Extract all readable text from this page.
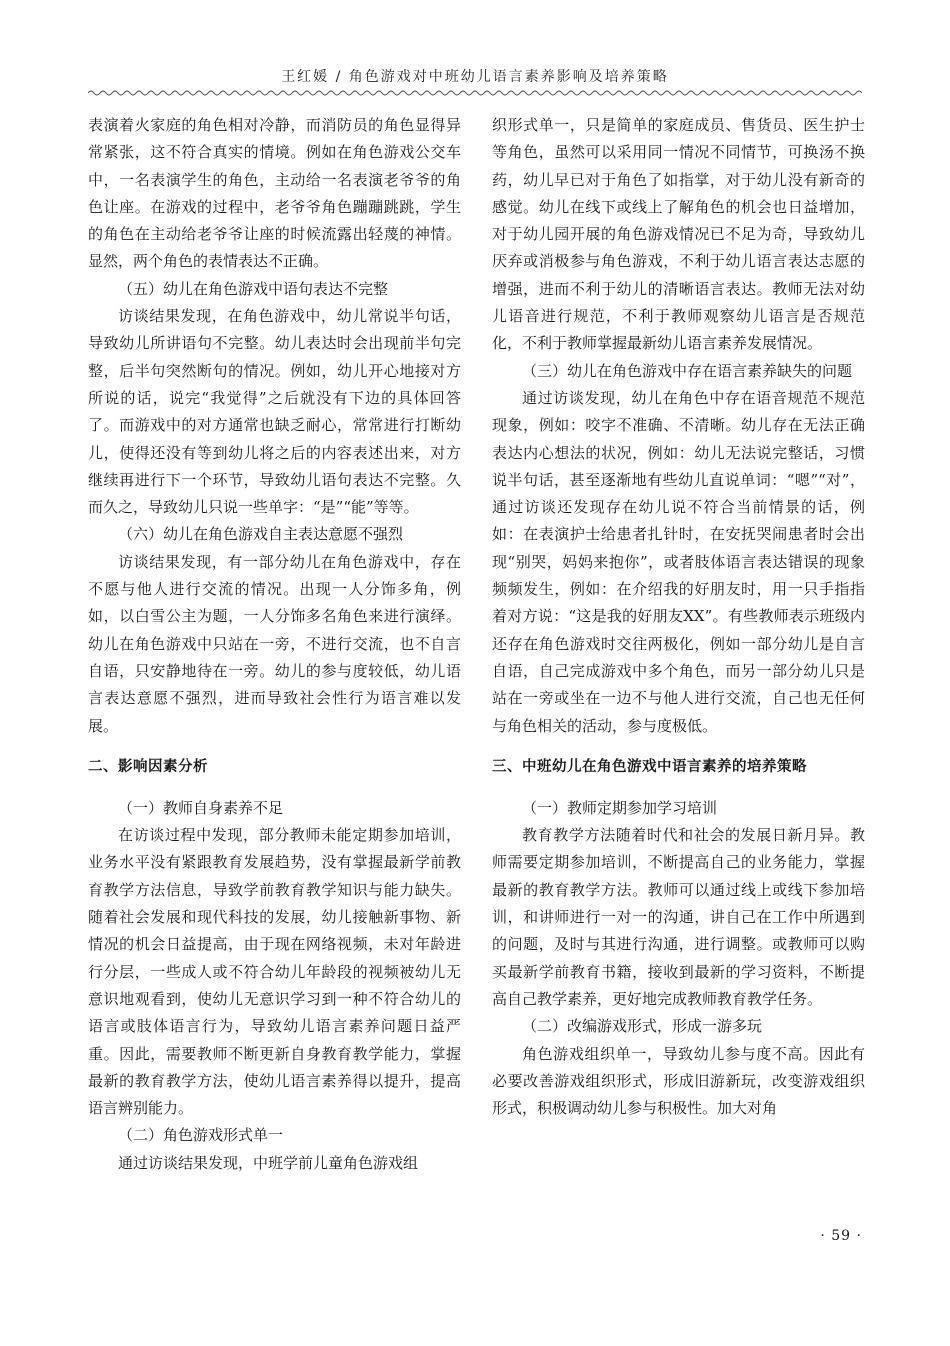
王红媛 / 角色游戏对中班幼儿语言素养影响及培养策略

表演着火家庭的角色相对冷静，而消防员的角色显得异常紧张，这不符合真实的情境。例如在角色游戏公交车中，一名表演学生的角色，主动给一名表演老爷爷的角色让座。在游戏的过程中，老爷爷角色蹦蹦跳跳，学生的角色在主动给老爷爷让座的时候流露出轻蔑的神情。显然，两个角色的表情表达不正确。

（五）幼儿在角色游戏中语句表达不完整

访谈结果发现，在角色游戏中，幼儿常说半句话，导致幼儿所讲语句不完整。幼儿表达时会出现前半句完整，后半句突然断句的情况。例如，幼儿开心地接对方所说的话，说完“我觉得”之后就没有下边的具体回答了。而游戏中的对方通常也缺乏耐心，常常进行打断幼儿，使得还没有等到幼儿将之后的内容表述出来，对方继续再进行下一个环节，导致幼儿语句表达不完整。久而久之，导致幼儿只说一些单字：“是”“能”等等。

（六）幼儿在角色游戏自主表达意愿不强烈

访谈结果发现，有一部分幼儿在角色游戏中，存在不愿与他人进行交流的情况。出现一人分饰多角，例如，以白雪公主为题，一人分饰多名角色来进行演绎。幼儿在角色游戏中只站在一旁，不进行交流，也不自言自语，只安静地待在一旁。幼儿的参与度较低，幼儿语言表达意愿不强烈，进而导致社会性行为语言难以发展。

二、影响因素分析

（一）教师自身素养不足

在访谈过程中发现，部分教师未能定期参加培训，业务水平没有紧跟教育发展趋势，没有掌握最新学前教育教学方法信息，导致学前教育教学知识与能力缺失。随着社会发展和现代科技的发展，幼儿接触新事物、新情况的机会日益提高，由于现在网络视频，未对年龄进行分层，一些成人或不符合幼儿年龄段的视频被幼儿无意识地观看到，使幼儿无意识学习到一种不符合幼儿的语言或肢体语言行为，导致幼儿语言素养问题日益严重。因此，需要教师不断更新自身教育教学能力，掌握最新的教育教学方法，使幼儿语言素养得以提升，提高语言辨别能力。

（二）角色游戏形式单一

通过访谈结果发现，中班学前儿童角色游戏组

织形式单一，只是简单的家庭成员、售货员、医生护士等角色，虽然可以采用同一情况不同情节，可换汤不换药，幼儿早已对于角色了如指掌，对于幼儿没有新奇的感觉。幼儿在线下或线上了解角色的机会也日益增加，对于幼儿园开展的角色游戏情况已不足为奇，导致幼儿厌弃或消极参与角色游戏，不利于幼儿语言表达志愿的增强，进而不利于幼儿的清晰语言表达。教师无法对幼儿语音进行规范，不利于教师观察幼儿语言是否规范化，不利于教师掌握最新幼儿语言素养发展情况。

（三）幼儿在角色游戏中存在语言素养缺失的问题

通过访谈发现，幼儿在角色中存在语音规范不规范现象，例如：咬字不准确、不清晰。幼儿存在无法正确表达内心想法的状况，例如：幼儿无法说完整话，习惯说半句话，甚至逐渐地有些幼儿直说单词：“嗯”“对”，通过访谈还发现存在幼儿说不符合当前情景的话，例如：在表演护士给患者扎针时，在安抚哭闹患者时会出现“别哭，妈妈来抱你”，或者肢体语言表达错误的现象频频发生，例如：在介绍我的好朋友时，用一只手指指着对方说：“这是我的好朋友XX”。有些教师表示班级内还存在角色游戏时交往两极化，例如一部分幼儿是自言自语，自己完成游戏中多个角色，而另一部分幼儿只是站在一旁或坐在一边不与他人进行交流，自己也无任何与角色相关的活动，参与度极低。

三、中班幼儿在角色游戏中语言素养的培养策略

（一）教师定期参加学习培训

教育教学方法随着时代和社会的发展日新月异。教师需要定期参加培训，不断提高自己的业务能力，掌握最新的教育教学方法。教师可以通过线上或线下参加培训，和讲师进行一对一的沟通，讲自己在工作中所遇到的问题，及时与其进行沟通，进行调整。或教师可以购买最新学前教育书籍，接收到最新的学习资料，不断提高自己教学素养，更好地完成教师教育教学任务。

（二）改编游戏形式，形成一游多玩

角色游戏组织单一，导致幼儿参与度不高。因此有必要改善游戏组织形式，形成旧游新玩，改变游戏组织形式，积极调动幼儿参与积极性。加大对角

· 59 ·
